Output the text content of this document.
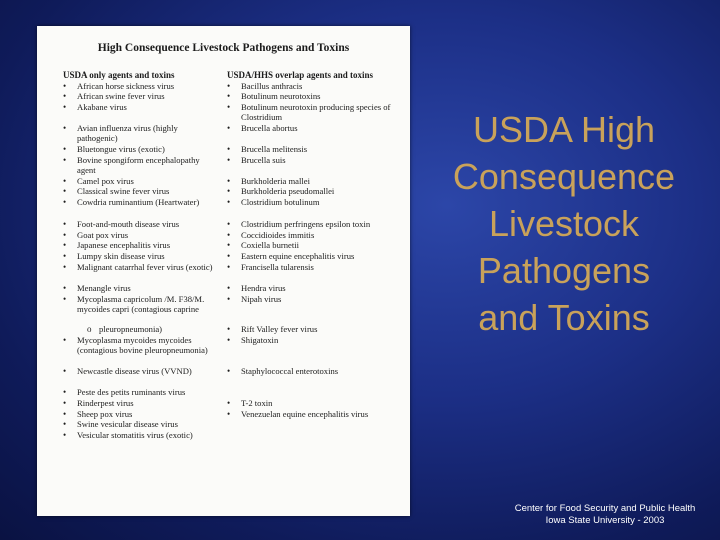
High Consequence Livestock Pathogens and Toxins
USDA only agents and toxins
• African horse sickness virus
• African swine fever virus
• Akabane virus
• Avian influenza virus (highly pathogenic)
• Bluetongue virus (exotic)
• Bovine spongiform encephalopathy agent
• Camel pox virus
• Classical swine fever virus
• Cowdria ruminantium (Heartwater)
• Foot-and-mouth disease virus
• Goat pox virus
• Japanese encephalitis virus
• Lumpy skin disease virus
• Malignant catarrhal fever virus (exotic)
• Menangle virus
• Mycoplasma capricolum /M. F38/M. mycoides capri (contagious caprine
o pleuropneumonia)
• Mycoplasma mycoides mycoides (contagious bovine pleuropneumonia)
• Newcastle disease virus (VVND)
• Peste des petits ruminants virus
• Rinderpest virus
• Sheep pox virus
• Swine vesicular disease virus
• Vesicular stomatitis virus (exotic)
USDA/HHS overlap agents and toxins
• Bacillus anthracis
• Botulinum neurotoxins
• Botulinum neurotoxin producing species of Clostridium
• Brucella abortus
• Brucella melitensis
• Brucella suis
• Burkholderia mallei
• Burkholderia pseudomallei
• Clostridium botulinum
• Clostridium perfringens epsilon toxin
• Coccidioides immitis
• Coxiella burnetii
• Eastern equine encephalitis virus
• Francisella tularensis
• Hendra virus
• Nipah virus
• Rift Valley fever virus
• Shigatoxin
• Staphylococcal enterotoxins
• T-2 toxin
• Venezuelan equine encephalitis virus
USDA High
Consequence
Livestock
Pathogens
and Toxins
Center for Food Security and Public Health
Iowa State University - 2003
